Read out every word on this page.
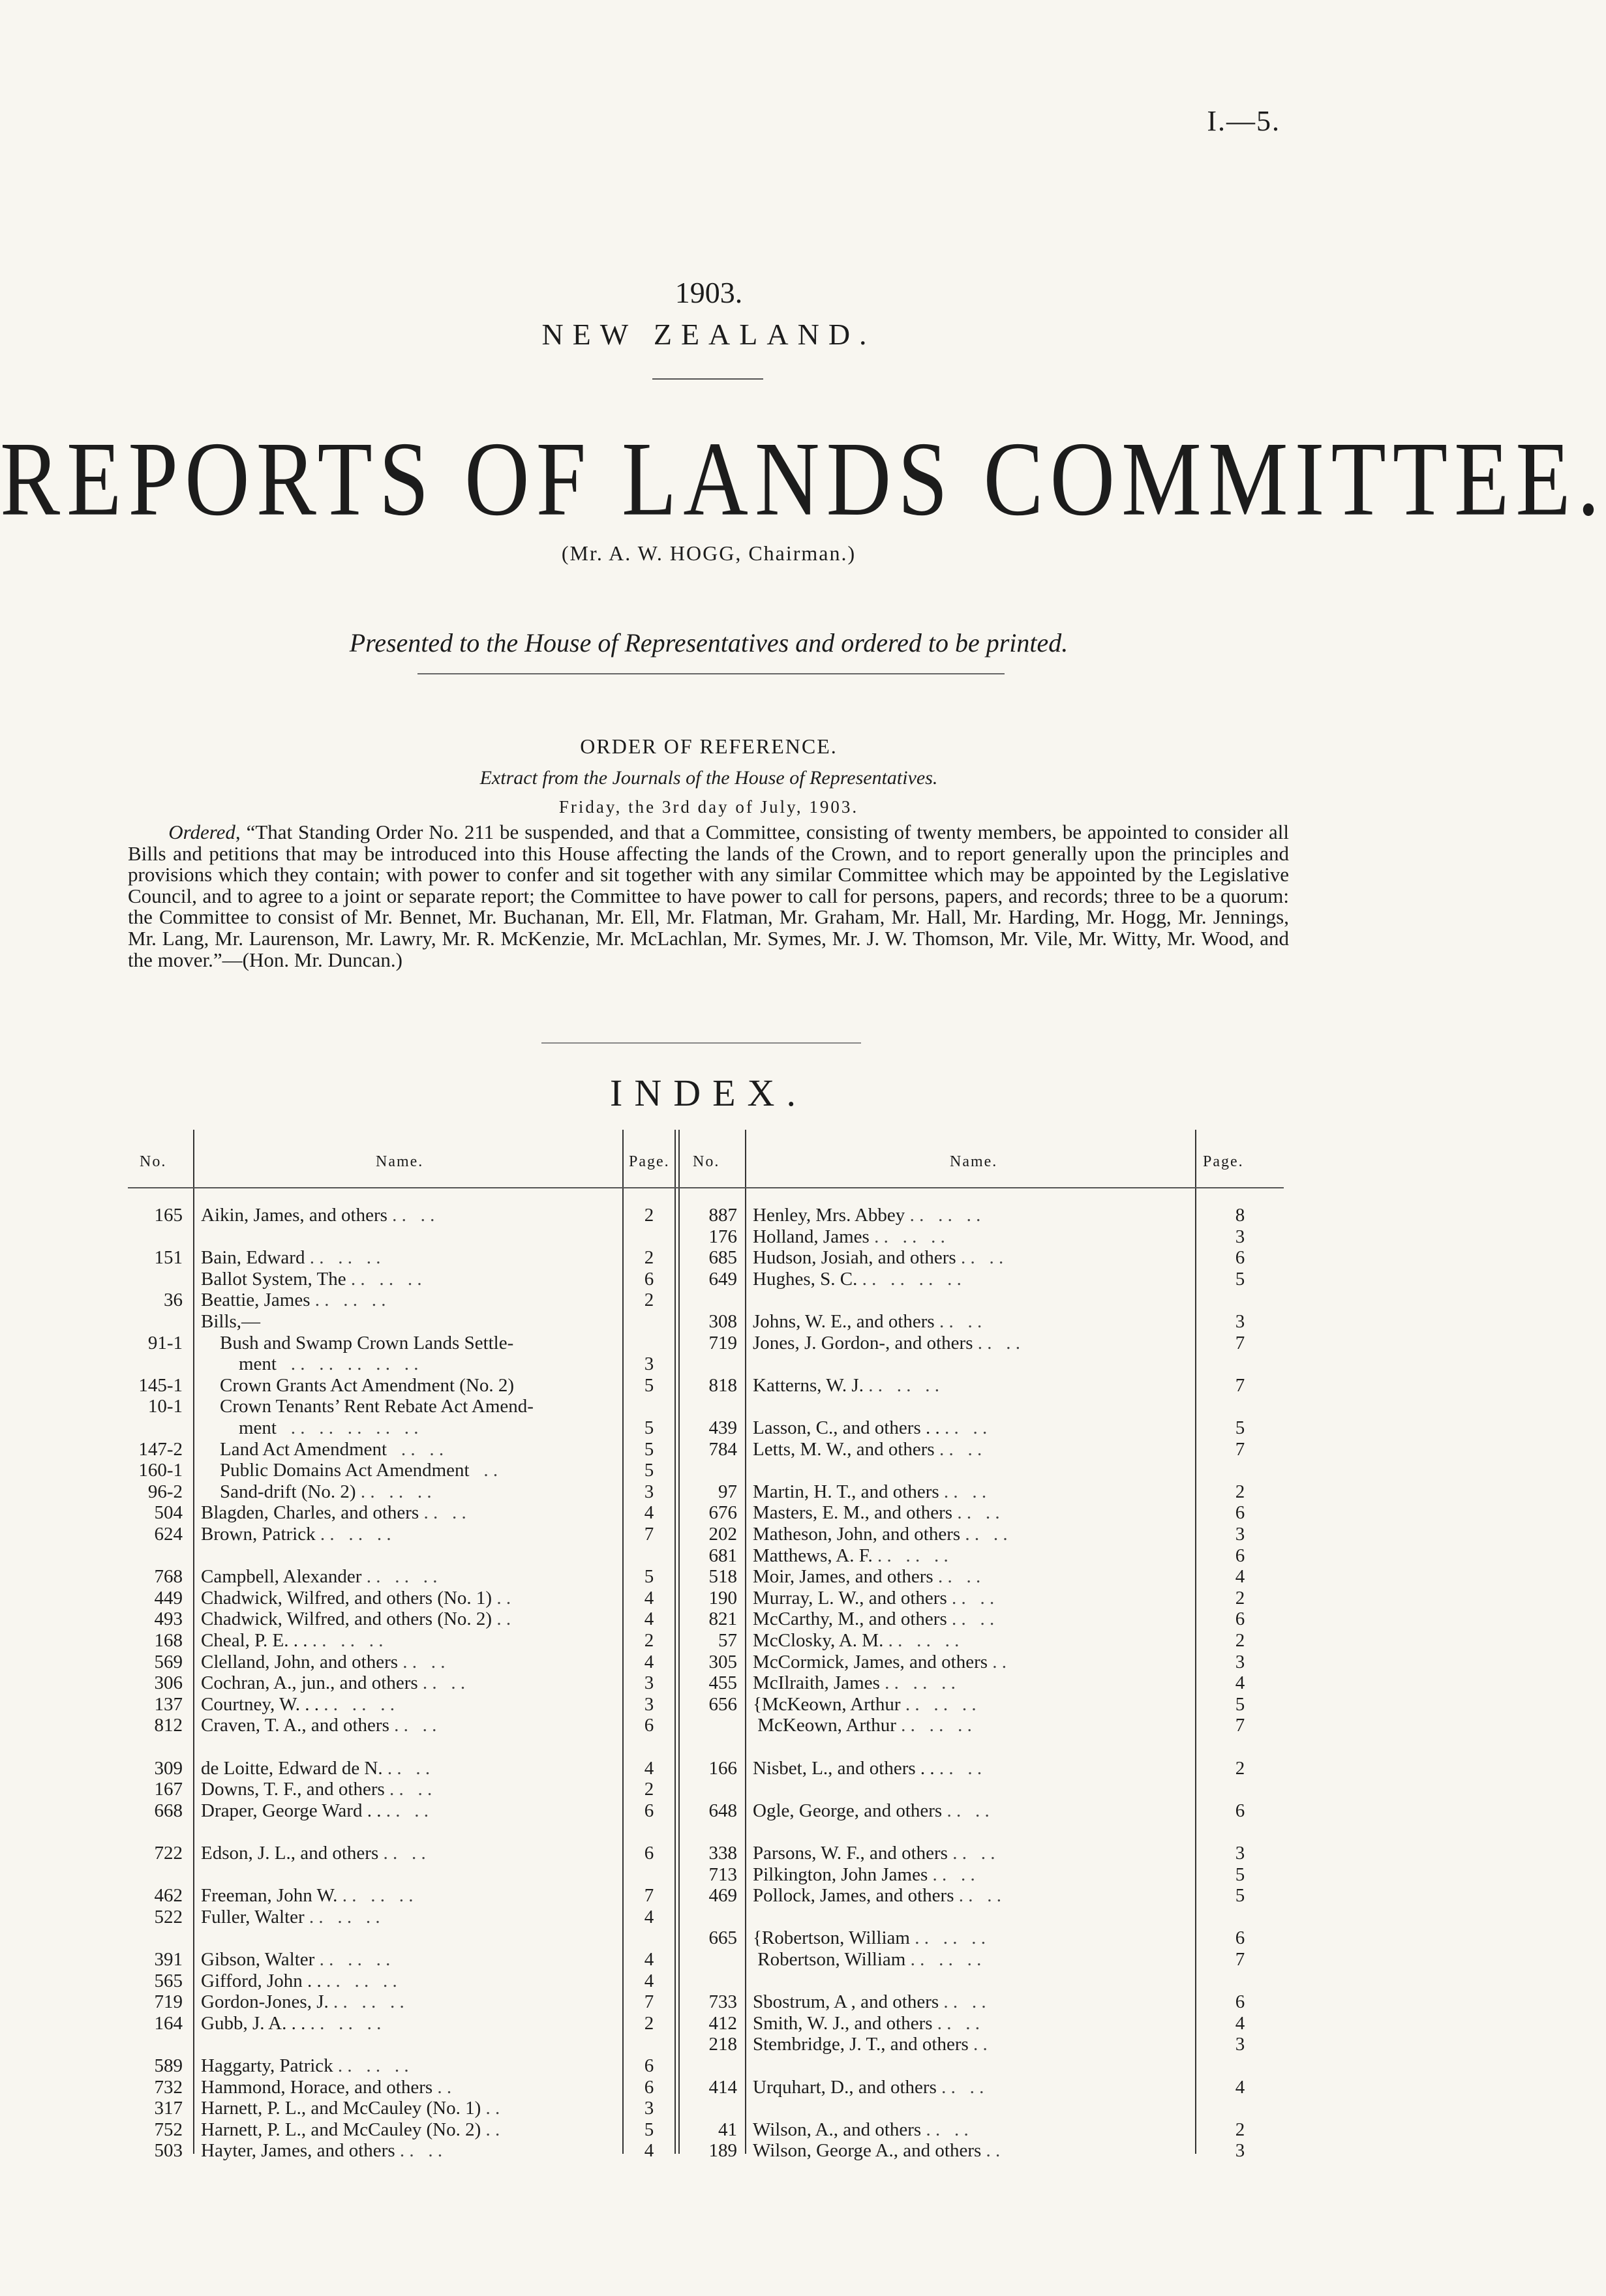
I.—5.
1903.
NEW ZEALAND.
REPORTS OF LANDS COMMITTEE.
(Mr. A. W. HOGG, Chairman.)
Presented to the House of Representatives and ordered to be printed.
ORDER OF REFERENCE.
Extract from the Journals of the House of Representatives.
Friday, the 3rd day of July, 1903.
Ordered, “That Standing Order No. 211 be suspended, and that a Committee, consisting of twenty members, be appointed to consider all Bills and petitions that may be introduced into this House affecting the lands of the Crown, and to report generally upon the principles and provisions which they contain; with power to confer and sit together with any similar Committee which may be appointed by the Legislative Council, and to agree to a joint or separate report; the Committee to have power to call for persons, papers, and records; three to be a quorum: the Committee to consist of Mr. Bennet, Mr. Buchanan, Mr. Ell, Mr. Flatman, Mr. Graham, Mr. Hall, Mr. Harding, Mr. Hogg, Mr. Jennings, Mr. Lang, Mr. Laurenson, Mr. Lawry, Mr. R. McKenzie, Mr. McLachlan, Mr. Symes, Mr. J. W. Thomson, Mr. Vile, Mr. Witty, Mr. Wood, and the mover.”—(Hon. Mr. Duncan.)
INDEX.
No.	Name.	Page. No.	Name.	Page.
165 Aikin, James, and others . .   . .	2
151 Bain, Edward . .   . .   . .	2
Ballot System, The . .   . .   . .	6
36 Beattie, James . .   . .   . .	2
Bills,—
91-1 Bush and Swamp Crown Lands Settle-
ment   . .   . .   . .   . .   . .	3
145-1 Crown Grants Act Amendment (No. 2)	5
10-1 Crown Tenants’ Rent Rebate Act Amend-
ment   . .   . .   . .   . .   . .	5
147-2 Land Act Amendment   . .   . .	5
160-1 Public Domains Act Amendment   . .	5
96-2 Sand-drift (No. 2) . .   . .   . .	3
504 Blagden, Charles, and others . .   . .	4
624 Brown, Patrick . .   . .   . .	7
768 Campbell, Alexander . .   . .   . .	5
449 Chadwick, Wilfred, and others (No. 1) . .	4
493 Chadwick, Wilfred, and others (No. 2) . .	4
168 Cheal, P. E. . . . .   . .   . .	2
569 Clelland, John, and others . .   . .	4
306 Cochran, A., jun., and others . .   . .	3
137 Courtney, W. . . . .   . .   . .	3
812 Craven, T. A., and others . .   . .	6
309 de Loitte, Edward de N. . .   . .	4
167 Downs, T. F., and others . .   . .	2
668 Draper, George Ward . . . .   . .	6
722 Edson, J. L., and others . .   . .	6
462 Freeman, John W. . .   . .   . .	7
522 Fuller, Walter . .   . .   . .	4
391 Gibson, Walter . .   . .   . .	4
565 Gifford, John . . . .   . .   . .	4
719 Gordon-Jones, J. . .   . .   . .	7
164 Gubb, J. A. . . . .   . .   . .	2
589 Haggarty, Patrick . .   . .   . .	6
732 Hammond, Horace, and others . .	6
317 Harnett, P. L., and McCauley (No. 1) . .	3
752 Harnett, P. L., and McCauley (No. 2) . .	5
503 Hayter, James, and others . .   . .	4
887 Henley, Mrs. Abbey . .   . .   . .	8
176 Holland, James . .   . .   . .	3
685 Hudson, Josiah, and others . .   . .	6
649 Hughes, S. C. . .   . .   . .   . .	5
308 Johns, W. E., and others . .   . .	3
719 Jones, J. Gordon-, and others . .   . .	7
818 Katterns, W. J. . .   . .   . .	7
439 Lasson, C., and others . . . .   . .	5
784 Letts, M. W., and others . .   . .	7
97 Martin, H. T., and others . .   . .	2
676 Masters, E. M., and others . .   . .	6
202 Matheson, John, and others . .   . .	3
681 Matthews, A. F. . .   . .   . .	6
518 Moir, James, and others . .   . .	4
190 Murray, L. W., and others . .   . .	2
821 McCarthy, M., and others . .   . .	6
57 McClosky, A. M. . .   . .   . .	2
305 McCormick, James, and others . .	3
455 McIlraith, James . .   . .   . .	4
656 {McKeown, Arthur . .   . .   . .	5
McKeown, Arthur . .   . .   . .	7
166 Nisbet, L., and others . . . .   . .	2
648 Ogle, George, and others . .   . .	6
338 Parsons, W. F., and others . .   . .	3
713 Pilkington, John James . .   . .	5
469 Pollock, James, and others . .   . .	5
665 {Robertson, William . .   . .   . .	6
Robertson, William . .   . .   . .	7
733 Sbostrum, A , and others . .   . .	6
412 Smith, W. J., and others . .   . .	4
218 Stembridge, J. T., and others . .	3
414 Urquhart, D., and others . .   . .	4
41 Wilson, A., and others . .   . .	2
189 Wilson, George A., and others . .	3
